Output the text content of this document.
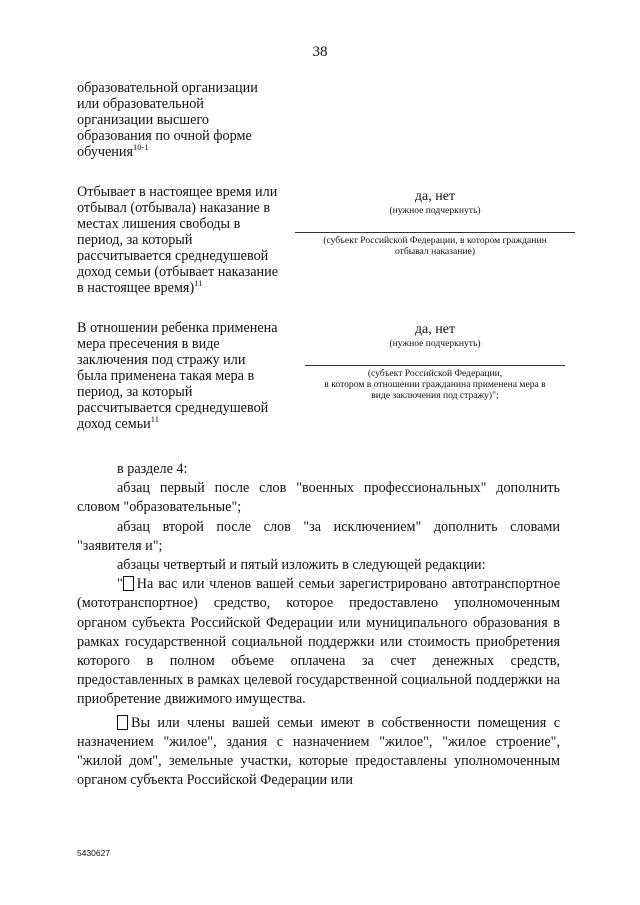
38
образовательной организации
или образовательной
организации высшего
образования по очной форме
обучения$^{10-1}$
Отбывает в настоящее время или
отбывал (отбывала) наказание в
местах лишения свободы в
период, за который
рассчитывается среднедушевой
доход семьи (отбывает наказание
в настоящее время)$^{11}$
да, нет
(нужное подчеркнуть)
(субъект Российской Федерации, в котором гражданин
отбывал наказание)
В отношении ребенка применена
мера пресечения в виде
заключения под стражу или
была применена такая мера в
период, за который
рассчитывается среднедушевой
доход семьи$^{11}$
да, нет
(нужное подчеркнуть)
(субъект Российской Федерации,
в котором в отношении гражданина применена мера в
виде заключения под стражу)";

в разделе 4:

абзац первый после слов "военных профессиональных" дополнить словом "образовательные";

абзац второй после слов "за исключением" дополнить словами "заявителя и";

абзацы четвертый и пятый изложить в следующей редакции:

" На вас или членов вашей семьи зарегистрировано автотранспортное (мототранспортное) средство, которое предоставлено уполномоченным органом субъекта Российской Федерации или муниципального образования в рамках государственной социальной поддержки или стоимость приобретения которого в полном объеме оплачена за счет денежных средств, предоставленных в рамках целевой государственной социальной поддержки на приобретение движимого имущества.

Вы или члены вашей семьи имеют в собственности помещения с назначением "жилое", здания с назначением "жилое", "жилое строение", "жилой дом", земельные участки, которые предоставлены уполномоченным органом субъекта Российской Федерации или

5430627
